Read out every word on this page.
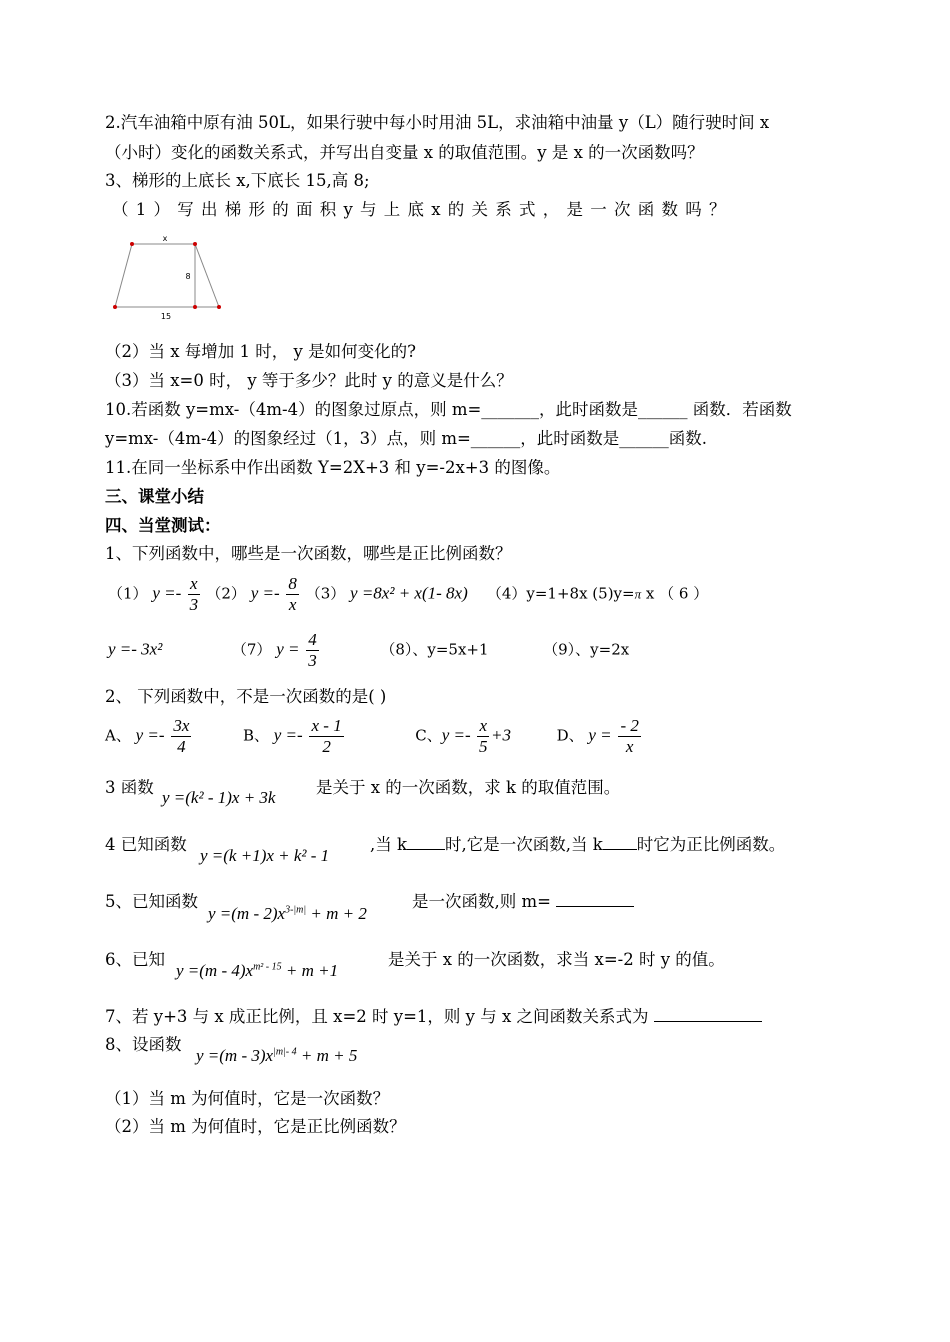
2.汽车油箱中原有油 50L，如果行驶中每小时用油 5L，求油箱中油量 y（L）随行驶时间 x
（小时）变化的函数关系式，并写出自变量 x 的取值范围。y 是 x 的一次函数吗？
3、梯形的上底长 x,下底长 15,高 8;
（ 1 ） 写 出 梯 形 的 面 积 y 与 上 底 x 的 关 系 式 ， 是 一 次 函 数 吗 ？
x
8
15
（2）当 x 每增加 1 时， y 是如何变化的?
（3）当 x=0 时， y 等于多少？此时 y 的意义是什么？
10.若函数 y=mx-（4m-4）的图象过原点，则 m=_______，此时函数是______ 函数．若函数
y=mx-（4m-4）的图象经过（1，3）点，则 m=______，此时函数是______函数.
11.在同一坐标系中作出函数 Y=2X+3 和 y=-2x+3 的图像。
三、课堂小结
四、当堂测试：
1、下列函数中，哪些是一次函数，哪些是正比例函数？
（1） $y =- \frac{x}{3} (2) y =- \frac{8}{x} (3)$ y =8x² + x(1- 8x) （4）y=1+8x (5)y=π x （ 6 ）
y =- 3x²	（7） $y = \frac{4}{3}$	（8）、y=5x+1	（9）、y=2x
2、 下列函数中，不是一次函数的是( )
A、 $y =- \frac{3x}{4}$	B、 $y =- \frac{x - 1}{2}$	C、$y =- \frac{x}{5} +3$	D、 $y = \frac{- 2}{x}$
3 函数
y =(k² - 1)x + 3k
是关于 x 的一次函数，求 k 的取值范围。
4 已知函数
y =(k +1)x + k² - 1
,当 k 时,它是一次函数,当 k 时它为正比例函数。
5、已知函数
$y =(m - 2)x^{3-|m|} + m + 2$
是一次函数,则 m=
6、已知
$y =(m - 4)x^{m^2 - 15} + m +1$
是关于 x 的一次函数，求当 x=-2 时 y 的值。
7、若 y+3 与 x 成正比例，且 x=2 时 y=1，则 y 与 x 之间函数关系式为
8、设函数
$y =(m - 3)x^{|m|- 4} + m + 5$
（1）当 m 为何值时，它是一次函数？
（2）当 m 为何值时，它是正比例函数？
